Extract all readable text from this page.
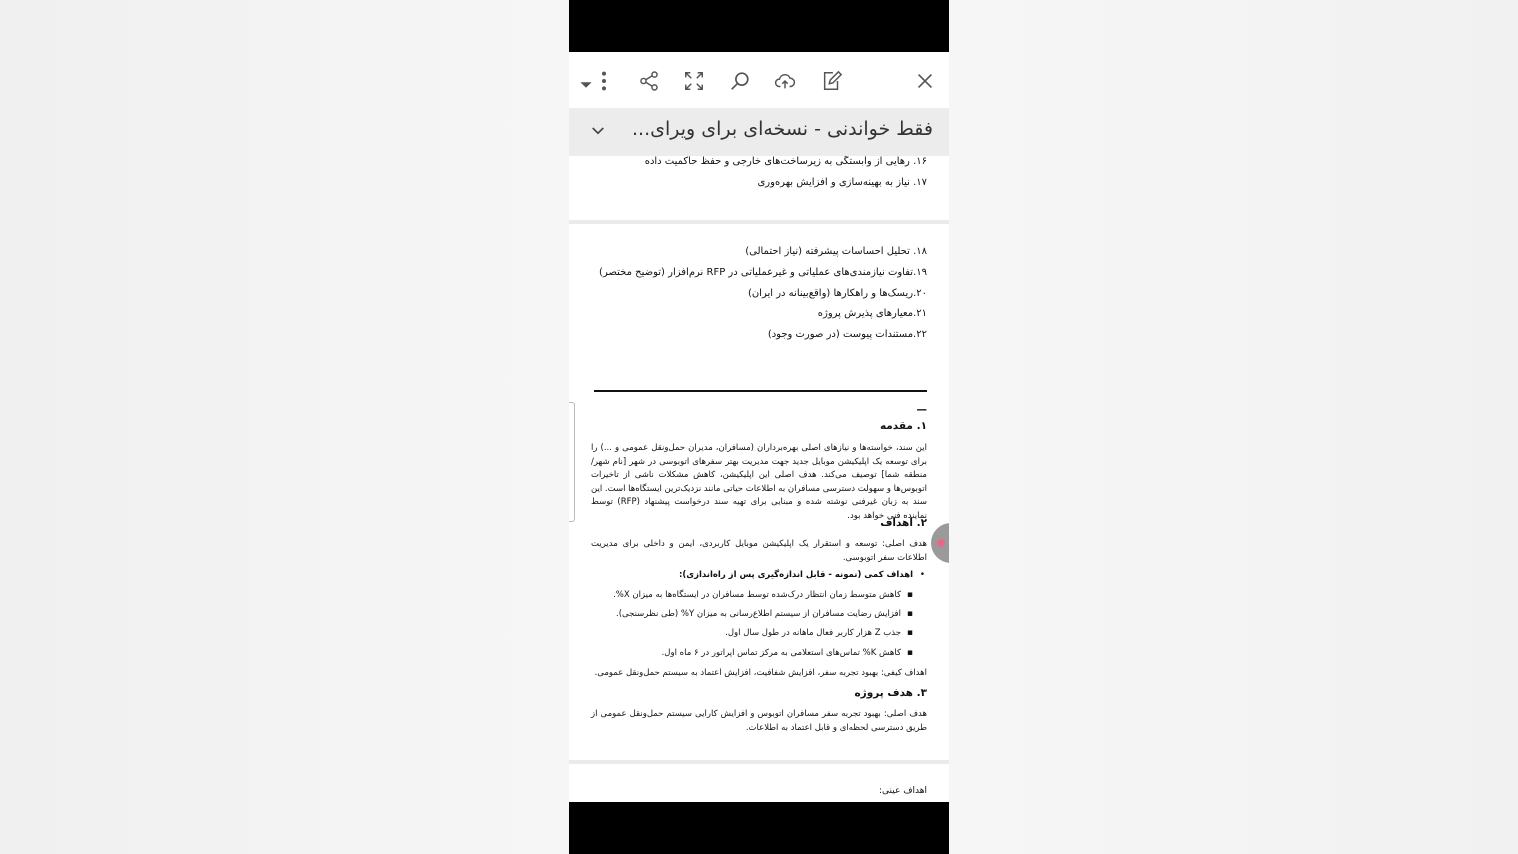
۱۶. رهایی از وابستگی به زیرساخت‌های خارجی و حفظ حاکمیت داده
۱۷. نیاز به بهینه‌سازی و افزایش بهره‌وری
۱۸. تحلیل احساسات پیشرفته (نیاز احتمالی)
۱۹.تفاوت نیازمندی‌های عملیاتی و غیرعملیاتی در RFP نرم‌افزار (توضیح مختصر)
۲۰.ریسک‌ها و راهکارها (واقع‌بینانه در ایران)
۲۱.معیارهای پذیرش پروژه
۲۲.مستندات پیوست (در صورت وجود)
—
۱. مقدمه
این سند، خواسته‌ها و نیازهای اصلی بهره‌برداران (مسافران، مدیران حمل‌ونقل عمومی و ...) را برای توسعه یک اپلیکیشن موبایل جدید جهت مدیریت بهتر سفرهای اتوبوسی در شهر [نام شهر/منطقه شما] توصیف می‌کند. هدف اصلی این اپلیکیشن، کاهش مشکلات ناشی از تاخیرات اتوبوس‌ها و سهولت دسترسی مسافران به اطلاعات حیاتی مانند نزدیک‌ترین ایستگاه‌ها است. این سند به زبان غیرفنی نوشته شده و مبنایی برای تهیه سند درخواست پیشنهاد (RFP) توسط نماینده فنی خواهد بود.
۲. اهداف
هدف اصلی: توسعه و استقرار یک اپلیکیشن موبایل کاربردی، ایمن و داخلی برای مدیریت اطلاعات سفر اتوبوسی.
•
اهداف کمی (نمونه - قابل اندازه‌گیری پس از راه‌اندازی):
▪
کاهش متوسط زمان انتظار درک‌شده توسط مسافران در ایستگاه‌ها به میزان X%.
▪
افزایش رضایت مسافران از سیستم اطلاع‌رسانی به میزان Y% (طی نظرسنجی).
▪
جذب Z هزار کاربر فعال ماهانه در طول سال اول.
▪
کاهش K% تماس‌های استعلامی به مرکز تماس اپراتور در ۶ ماه اول.
اهداف کیفی: بهبود تجربه سفر، افزایش شفافیت، افزایش اعتماد به سیستم حمل‌ونقل عمومی.
۳. هدف پروژه
هدف اصلی: بهبود تجربه سفر مسافران اتوبوس و افزایش کارایی سیستم حمل‌ونقل عمومی از طریق دسترسی لحظه‌ای و قابل اعتماد به اطلاعات.
اهداف عینی:
فقط خواندنی - نسخه‌ای برای ویرای...
